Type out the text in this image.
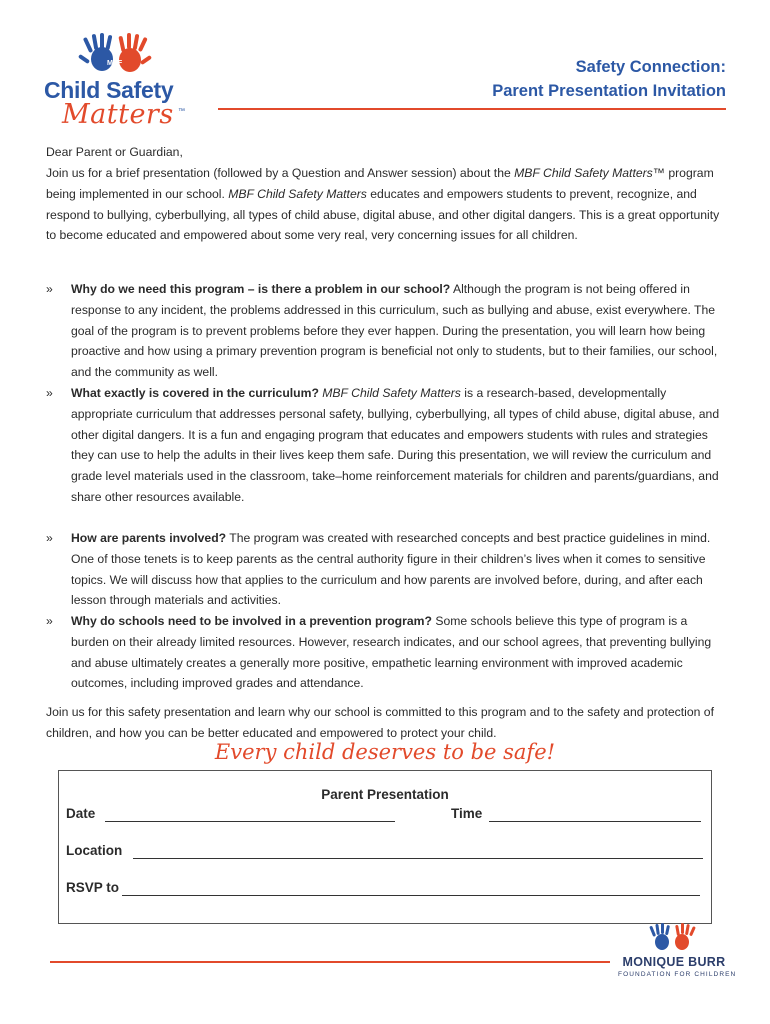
MBF
Child Safety
Matters ™
Safety Connection:
Parent Presentation Invitation
Dear Parent or Guardian,
Join us for a brief presentation (followed by a Question and Answer session) about the MBF Child Safety Matters™ program being implemented in our school. MBF Child Safety Matters educates and empowers students to prevent, recognize, and respond to bullying, cyberbullying, all types of child abuse, digital abuse, and other digital dangers. This is a great opportunity to become educated and empowered about some very real, very concerning issues for all children.
»	Why do we need this program – is there a problem in our school? Although the program is not being offered in response to any incident, the problems addressed in this curriculum, such as bullying and abuse, exist everywhere. The goal of the program is to prevent problems before they ever happen. During the presentation, you will learn how being proactive and how using a primary prevention program is beneficial not only to students, but to their families, our school, and the community as well.
»	What exactly is covered in the curriculum? MBF Child Safety Matters is a research-based, developmentally appropriate curriculum that addresses personal safety, bullying, cyberbullying, all types of child abuse, digital abuse, and other digital dangers. It is a fun and engaging program that educates and empowers students with rules and strategies they can use to help the adults in their lives keep them safe. During this presentation, we will review the curriculum and grade level materials used in the classroom, take–home reinforcement materials for children and parents/guardians, and share other resources available.
»	How are parents involved? The program was created with researched concepts and best practice guidelines in mind. One of those tenets is to keep parents as the central authority figure in their children’s lives when it comes to sensitive topics. We will discuss how that applies to the curriculum and how parents are involved before, during, and after each lesson through materials and activities.
»	Why do schools need to be involved in a prevention program? Some schools believe this type of program is a burden on their already limited resources. However, research indicates, and our school agrees, that preventing bullying and abuse ultimately creates a generally more positive, empathetic learning environment with improved academic outcomes, including improved grades and attendance.
Join us for this safety presentation and learn why our school is committed to this program and to the safety and protection of children, and how you can be better educated and empowered to protect your child.
Every child deserves to be safe!
Parent Presentation
Date	Time
Location
RSVP to
MONIQUE BURR
FOUNDATION FOR CHILDREN
